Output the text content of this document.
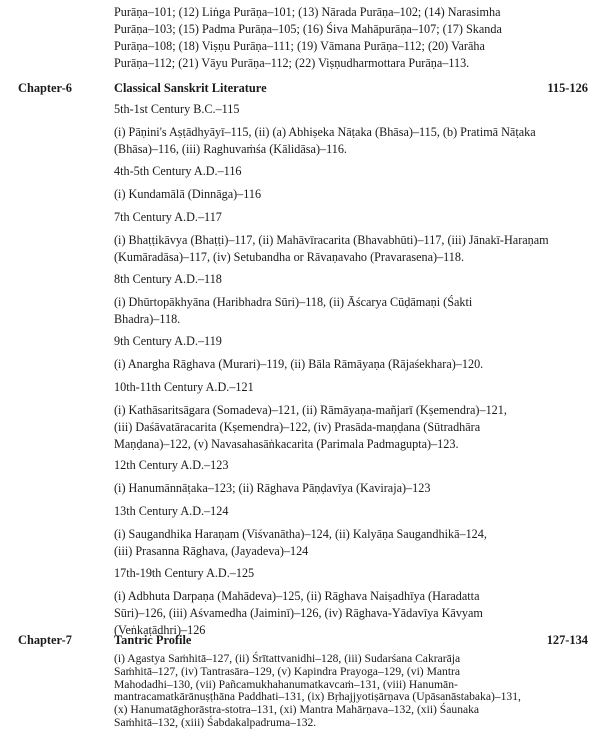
Purāṇa–101; (12) Liṅga Purāṇa–101; (13) Nārada Purāṇa–102; (14) Narasimha
Purāṇa–103; (15) Padma Purāṇa–105; (16) Śiva Mahāpurāṇa–107; (17) Skanda
Purāṇa–108; (18) Viṣṇu Purāṇa–111; (19) Vāmana Purāṇa–112; (20) Varāha
Purāṇa–112; (21) Vāyu Purāṇa–112; (22) Viṣṇudharmottara Purāṇa–113.
Chapter-6	Classical Sanskrit Literature	115-126
5th-1st Century B.C.–115
(i) Pāṇini's Aṣṭādhyāyī–115, (ii) (a) Abhiṣeka Nāṭaka (Bhāsa)–115, (b) Pratimā Nāṭaka
(Bhāsa)–116, (iii) Raghuvaṁśa (Kālidāsa)–116.
4th-5th Century A.D.–116
(i) Kundamālā (Dinnāga)–116
7th Century A.D.–117
(i) Bhaṭṭikāvya (Bhaṭṭi)–117, (ii) Mahāvīracarita (Bhavabhūti)–117, (iii) Jānakī-Haraṇam
(Kumāradāsa)–117, (iv) Setubandha or Rāvaṇavaho (Pravarasena)–118.
8th Century A.D.–118
(i) Dhūrtopākhyāna (Haribhadra Sūri)–118, (ii) Āścarya Cūḍāmaṇi (Śakti
Bhadra)–118.
9th Century A.D.–119
(i) Anargha Rāghava (Murari)–119, (ii) Bāla Rāmāyaṇa (Rājaśekhara)–120.
10th-11th Century A.D.–121
(i) Kathāsaritsāgara (Somadeva)–121, (ii) Rāmāyaṇa-mañjarī (Kṣemendra)–121,
(iii) Daśāvatāracarita (Kṣemendra)–122, (iv) Prasāda-maṇḍana (Sūtradhāra
Maṇḍana)–122, (v) Navasahasāṅkacarita (Parimala Padmagupta)–123.
12th Century A.D.–123
(i) Hanumānnāṭaka–123; (ii) Rāghava Pāṇḍavīya (Kaviraja)–123
13th Century A.D.–124
(i) Saugandhika Haraṇam (Viśvanātha)–124, (ii) Kalyāṇa Saugandhikā–124,
(iii) Prasanna Rāghava, (Jayadeva)–124
17th-19th Century A.D.–125
(i) Adbhuta Darpaṇa (Mahādeva)–125, (ii) Rāghava Naiṣadhīya (Haradatta
Sūri)–126, (iii) Aśvamedha (Jaiminī)–126, (iv) Rāghava-Yādavīya Kāvyam
(Veṅkaṭādhri)–126
Chapter-7	Tantric Profile	127-134
(i) Agastya Saṁhitā–127, (ii) Śrītattvanidhi–128, (iii) Sudarśana Cakrarāja
Saṁhitā–127, (iv) Tantrasāra–129, (v) Kapindra Prayoga–129, (vi) Mantra
Mahodadhi–130, (vii) Pañcamukhahanumatkavcaṁ–131, (viii) Hanumān-
mantracamatkārānuṣṭhāna Paddhati–131, (ix) Bṛhajjyotiṣārṇava (Upāsanāstabaka)–131,
(x) Hanumatāghorāstra-stotra–131, (xi) Mantra Mahārṇava–132, (xii) Śaunaka
Saṁhitā–132, (xiii) Śabdakalpadruma–132.
